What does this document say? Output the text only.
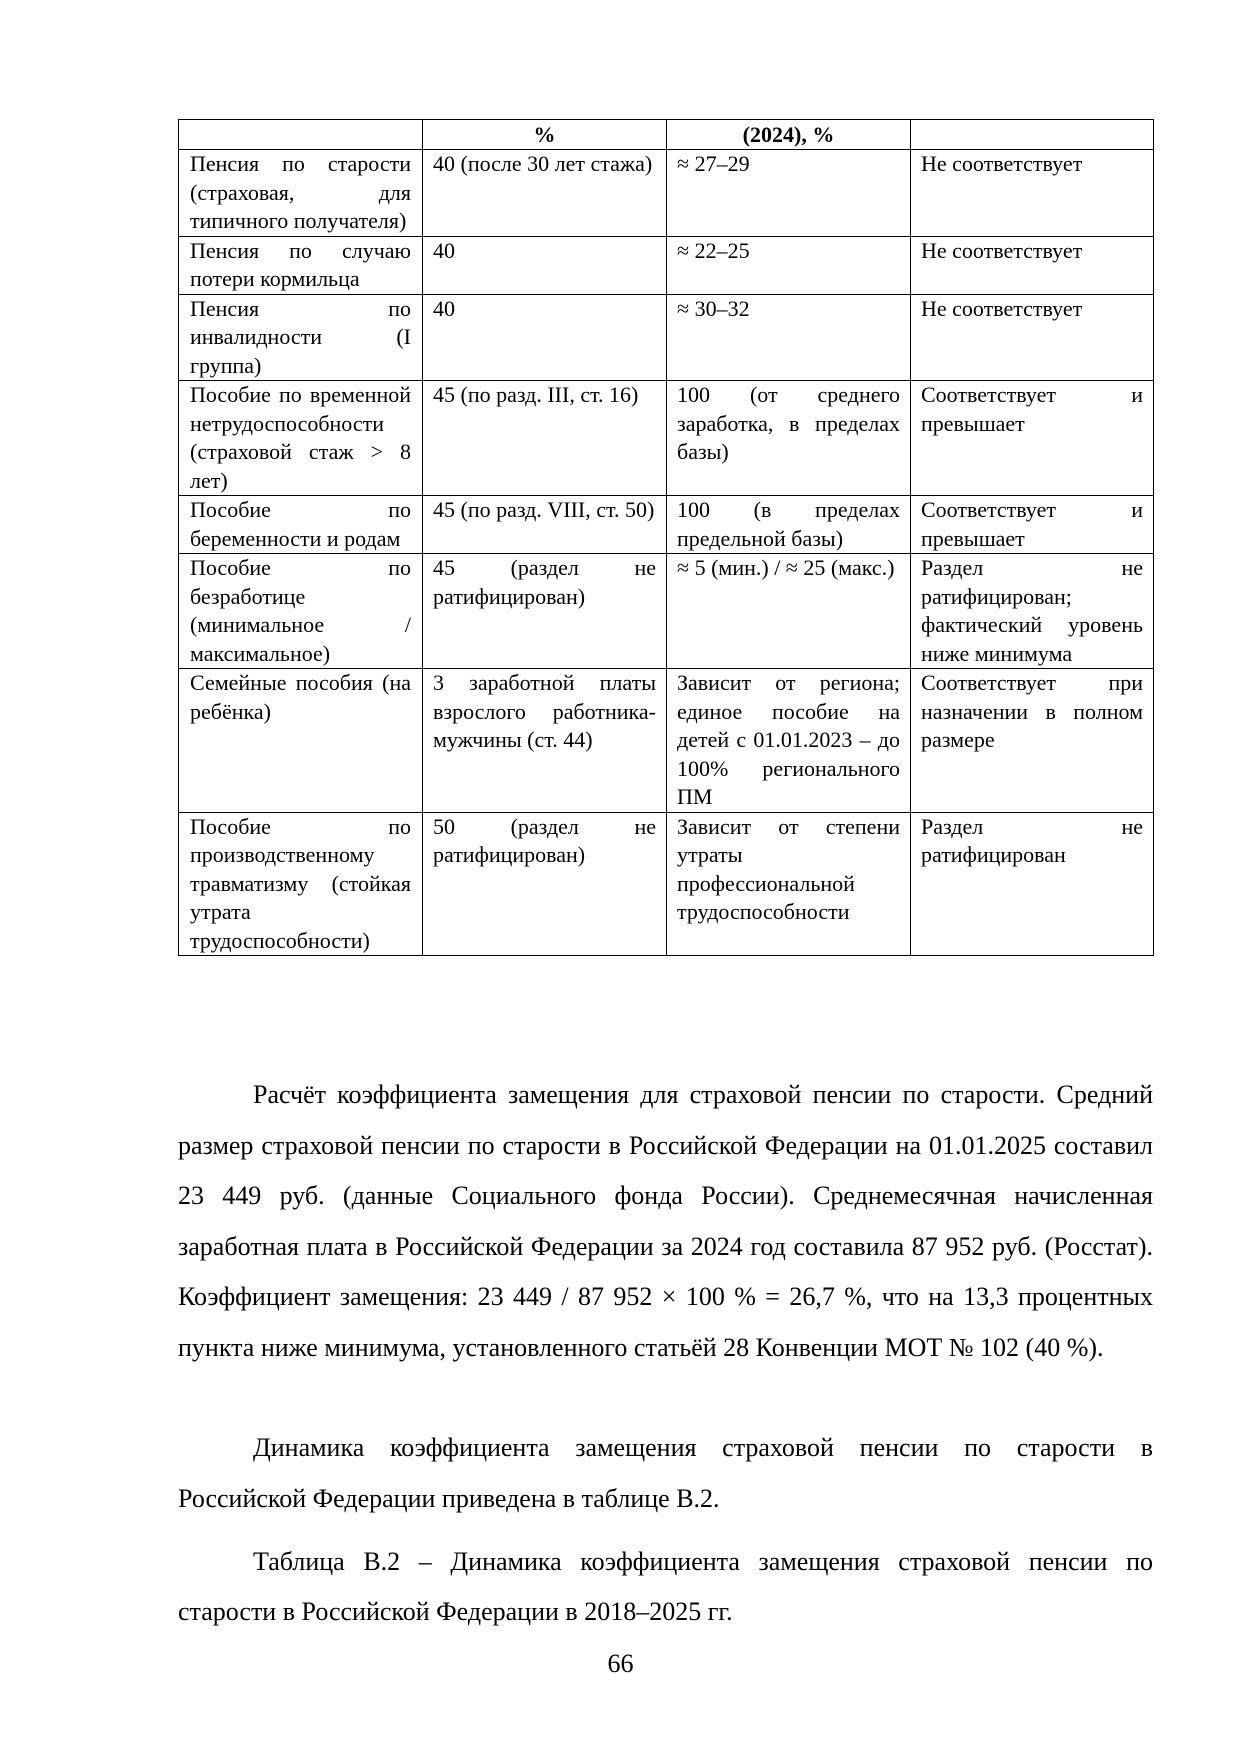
	%	(2024), %	
Пенсия по старости (страховая, для типичного получателя)	40 (после 30 лет стажа)	≈ 27–29	Не соответствует
Пенсия по случаю потери кормильца	40	≈ 22–25	Не соответствует
Пенсия по инвалидности (I группа)	40	≈ 30–32	Не соответствует
Пособие по временной нетрудоспособности (страховой стаж > 8 лет)	45 (по разд. III, ст. 16)	100 (от среднего заработка, в пределах базы)	Соответствует и превышает
Пособие по беременности и родам	45 (по разд. VIII, ст. 50)	100 (в пределах предельной базы)	Соответствует и превышает
Пособие по безработице (минимальное / максимальное)	45 (раздел не ратифицирован)	≈ 5 (мин.) / ≈ 25 (макс.)	Раздел не ратифицирован; фактический уровень ниже минимума
Семейные пособия (на ребёнка)	3 заработной платы взрослого работника-мужчины (ст. 44)	Зависит от региона; единое пособие на детей с 01.01.2023 – до 100% регионального ПМ	Соответствует при назначении в полном размере
Пособие по производственному травматизму (стойкая утрата трудоспособности)	50 (раздел не ратифицирован)	Зависит от степени утраты профессиональной трудоспособности	Раздел не ратифицирован

Расчёт коэффициента замещения для страховой пенсии по старости. Средний размер страховой пенсии по старости в Российской Федерации на 01.01.2025 составил 23 449 руб. (данные Социального фонда России). Среднемесячная начисленная заработная плата в Российской Федерации за 2024 год составила 87 952 руб. (Росстат). Коэффициент замещения: 23 449 / 87 952 × 100 % = 26,7 %, что на 13,3 процентных пункта ниже минимума, установленного статьёй 28 Конвенции МОТ № 102 (40 %).

Динамика коэффициента замещения страховой пенсии по старости в Российской Федерации приведена в таблице В.2.

Таблица В.2 – Динамика коэффициента замещения страховой пенсии по старости в Российской Федерации в 2018–2025 гг.

66
